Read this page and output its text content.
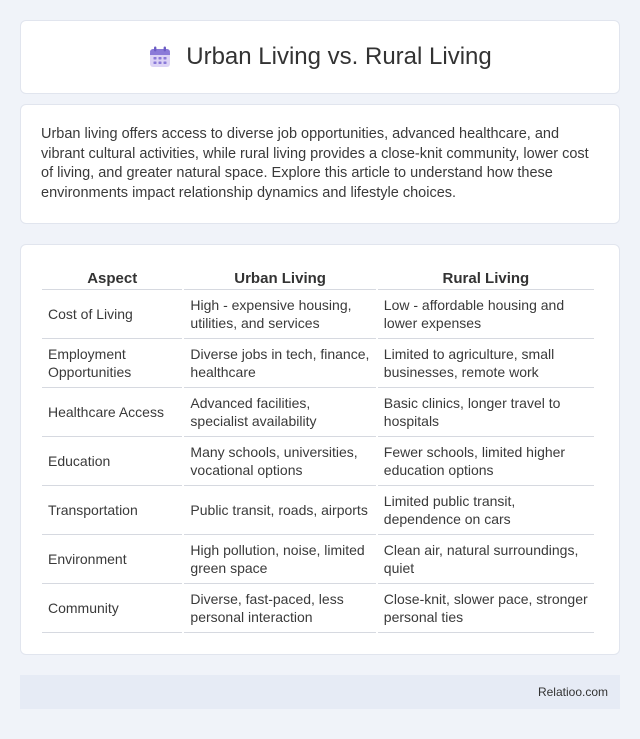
Urban Living vs. Rural Living

Urban living offers access to diverse job opportunities, advanced healthcare, and vibrant cultural activities, while rural living provides a close-knit community, lower cost of living, and greater natural space. Explore this article to understand how these environments impact relationship dynamics and lifestyle choices.

Aspect	Urban Living	Rural Living
Cost of Living	High - expensive housing, utilities, and services	Low - affordable housing and lower expenses
Employment Opportunities	Diverse jobs in tech, finance, healthcare	Limited to agriculture, small businesses, remote work
Healthcare Access	Advanced facilities, specialist availability	Basic clinics, longer travel to hospitals
Education	Many schools, universities, vocational options	Fewer schools, limited higher education options
Transportation	Public transit, roads, airports	Limited public transit, dependence on cars
Environment	High pollution, noise, limited green space	Clean air, natural surroundings, quiet
Community	Diverse, fast-paced, less personal interaction	Close-knit, slower pace, stronger personal ties
Relatioo.com
